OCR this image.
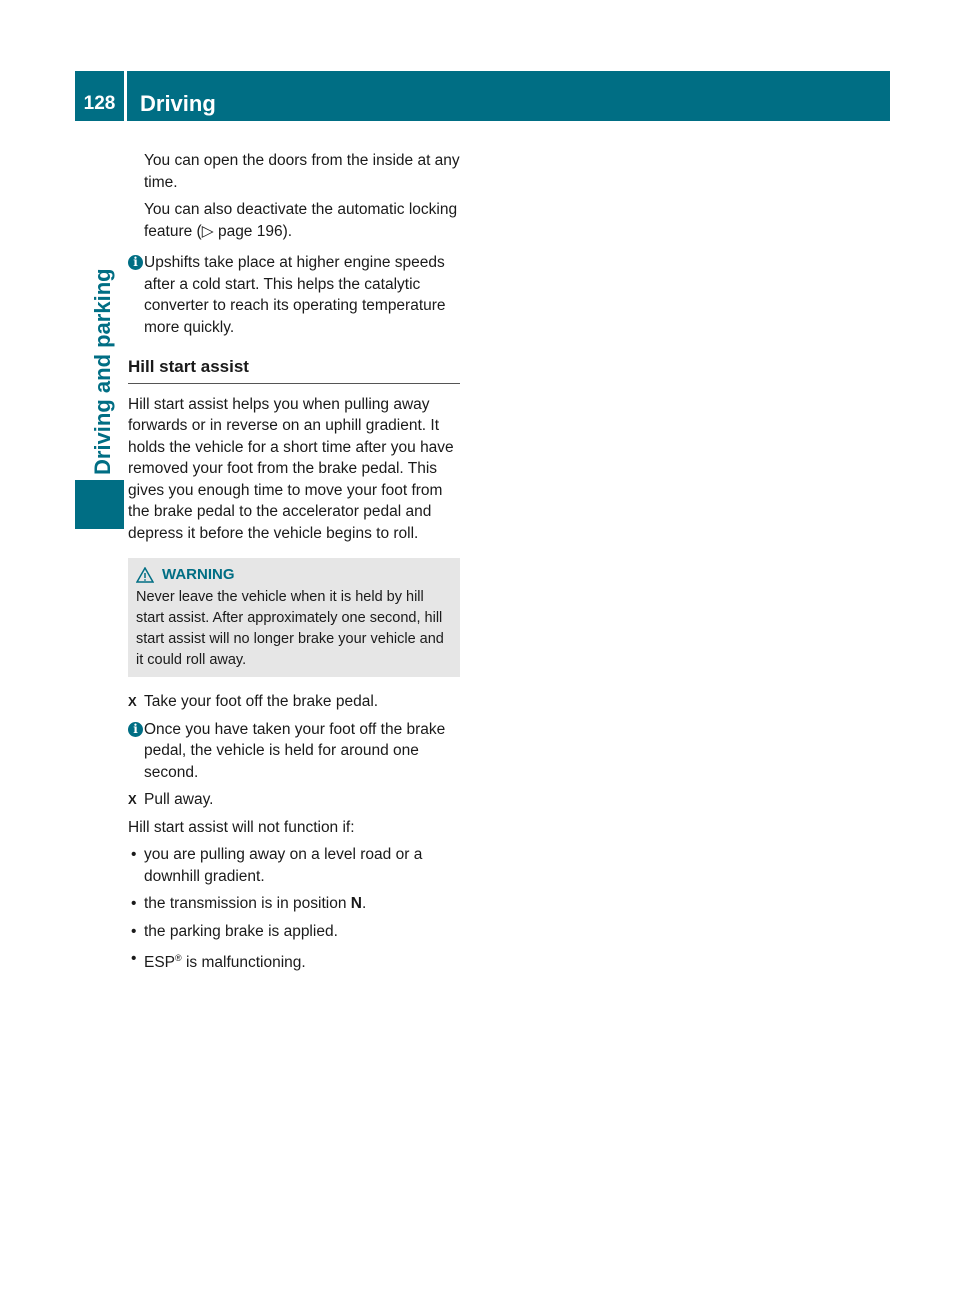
128	Driving
Driving and parking

You can open the doors from the inside at any time.

You can also deactivate the automatic locking feature (▷ page 196).

i Upshifts take place at higher engine speeds after a cold start. This helps the catalytic converter to reach its operating temperature more quickly.

Hill start assist

Hill start assist helps you when pulling away forwards or in reverse on an uphill gradient. It holds the vehicle for a short time after you have removed your foot from the brake pedal. This gives you enough time to move your foot from the brake pedal to the accelerator pedal and depress it before the vehicle begins to roll.

WARNING

Never leave the vehicle when it is held by hill start assist. After approximately one second, hill start assist will no longer brake your vehicle and it could roll away.

X Take your foot off the brake pedal.

i Once you have taken your foot off the brake pedal, the vehicle is held for around one second.

X Pull away.

Hill start assist will not function if:

• you are pulling away on a level road or a downhill gradient.

• the transmission is in position N.

• the parking brake is applied.

• ESP® is malfunctioning.
